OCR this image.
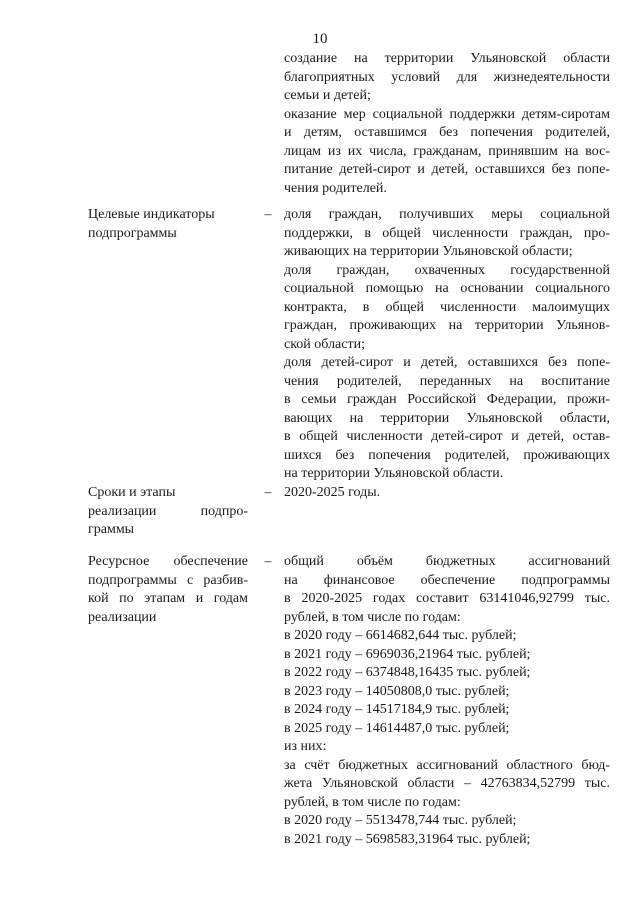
10
создание на территории Ульяновской области
благоприятных условий для жизнедеятельности
семьи и детей;
оказание мер социальной поддержки детям-сиротам
и детям, оставшимся без попечения родителей,
лицам из их числа, гражданам, принявшим на вос-
питание детей-сирот и детей, оставшихся без попе-
чения родителей.
Целевые индикаторы
подпрограммы
– доля граждан, получивших меры социальной
поддержки, в общей численности граждан, про-
живающих на территории Ульяновской области;
доля граждан, охваченных государственной
социальной помощью на основании социального
контракта, в общей численности малоимущих
граждан, проживающих на территории Ульянов-
ской области;
доля детей-сирот и детей, оставшихся без попе-
чения родителей, переданных на воспитание
в семьи граждан Российской Федерации, прожи-
вающих на территории Ульяновской области,
в общей численности детей-сирот и детей, остав-
шихся без попечения родителей, проживающих
на территории Ульяновской области.
Сроки и этапы
реализации подпро-
граммы
– 2020-2025 годы.
Ресурсное обеспечение
подпрограммы с разбив-
кой по этапам и годам
реализации
– общий объём бюджетных ассигнований
на финансовое обеспечение подпрограммы
в 2020-2025 годах составит 63141046,92799 тыс.
рублей, в том числе по годам:
в 2020 году – 6614682,644 тыс. рублей;
в 2021 году – 6969036,21964 тыс. рублей;
в 2022 году – 6374848,16435 тыс. рублей;
в 2023 году – 14050808,0 тыс. рублей;
в 2024 году – 14517184,9 тыс. рублей;
в 2025 году – 14614487,0 тыс. рублей;
из них:
за счёт бюджетных ассигнований областного бюд-
жета Ульяновской области – 42763834,52799 тыс.
рублей, в том числе по годам:
в 2020 году – 5513478,744 тыс. рублей;
в 2021 году – 5698583,31964 тыс. рублей;
